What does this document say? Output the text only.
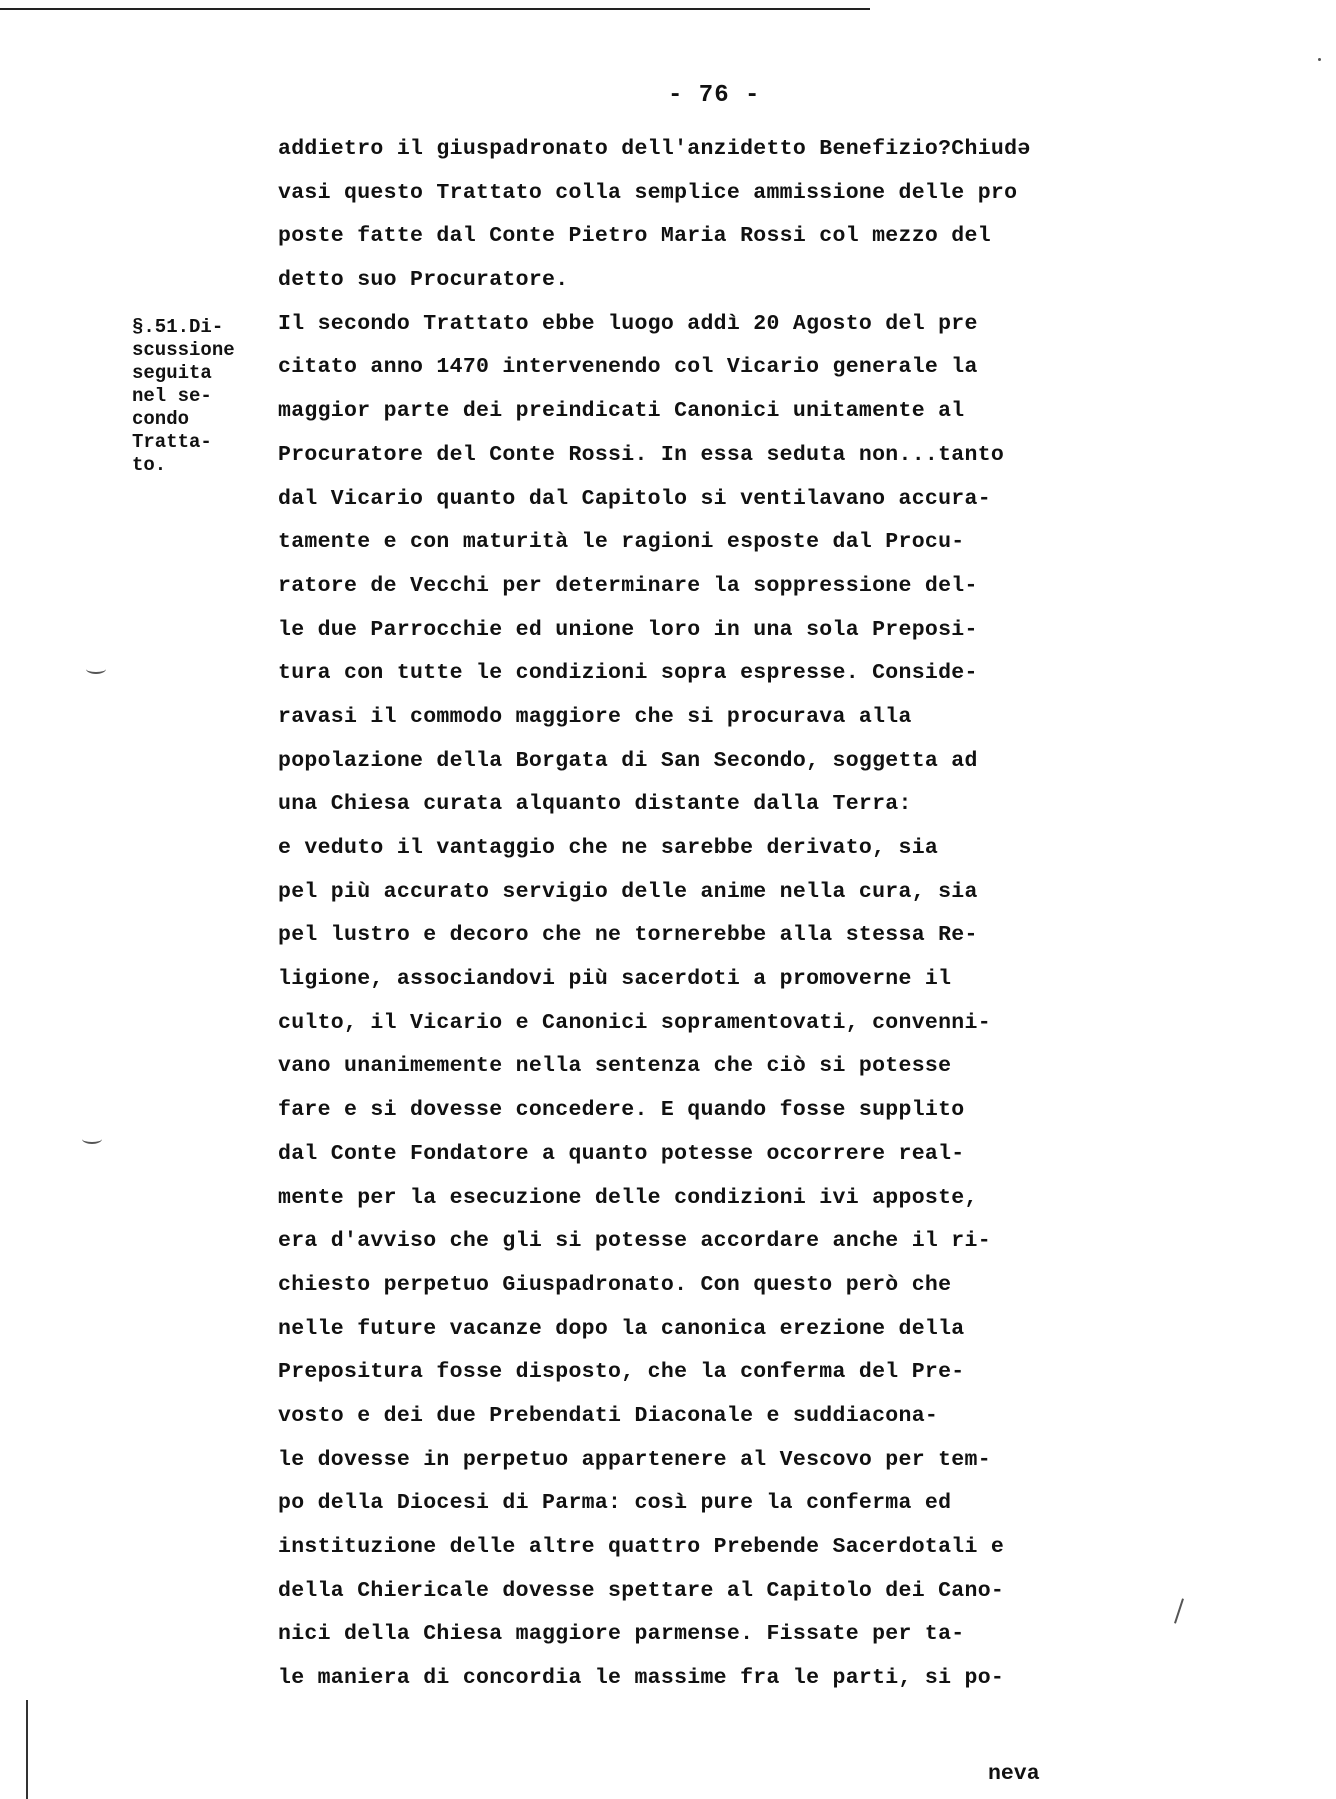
- 76 -
§.51.Di-
scussione
seguita
nel se-
condo
Tratta-
to.
addietro il giuspadronato dell'anzidetto Benefizio?Chiudə
vasi questo Trattato colla semplice ammissione delle pro
poste fatte dal Conte Pietro Maria Rossi col mezzo del
detto suo Procuratore.
Il secondo Trattato ebbe luogo addì 20 Agosto del pre
citato anno 1470 intervenendo col Vicario generale la
maggior parte dei preindicati Canonici unitamente al
Procuratore del Conte Rossi. In essa seduta non...tanto
dal Vicario quanto dal Capitolo si ventilavano accura-
tamente e con maturità le ragioni esposte dal Procu-
ratore de Vecchi per determinare la soppressione del-
le due Parrocchie ed unione loro in una sola Preposi-
tura con tutte le condizioni sopra espresse. Conside-
ravasi il commodo maggiore che si procurava alla
popolazione della Borgata di San Secondo, soggetta ad
una Chiesa curata alquanto distante dalla Terra:
e veduto il vantaggio che ne sarebbe derivato, sia
pel più accurato servigio delle anime nella cura, sia
pel lustro e decoro che ne tornerebbe alla stessa Re-
ligione, associandovi più sacerdoti a promoverne il
culto, il Vicario e Canonici sopramentovati, convenni-
vano unanimemente nella sentenza che ciò si potesse
fare e si dovesse concedere. E quando fosse supplito
dal Conte Fondatore a quanto potesse occorrere real-
mente per la esecuzione delle condizioni ivi apposte,
era d'avviso che gli si potesse accordare anche il ri-
chiesto perpetuo Giuspadronato. Con questo però che
nelle future vacanze dopo la canonica erezione della
Prepositura fosse disposto, che la conferma del Pre-
vosto e dei due Prebendati Diaconale e suddiacona-
le dovesse in perpetuo appartenere al Vescovo per tem-
po della Diocesi di Parma: così pure la conferma ed
instituzione delle altre quattro Prebende Sacerdotali e
della Chiericale dovesse spettare al Capitolo dei Cano-
nici della Chiesa maggiore parmense. Fissate per ta-
le maniera di concordia le massime fra le parti, si po-
neva
